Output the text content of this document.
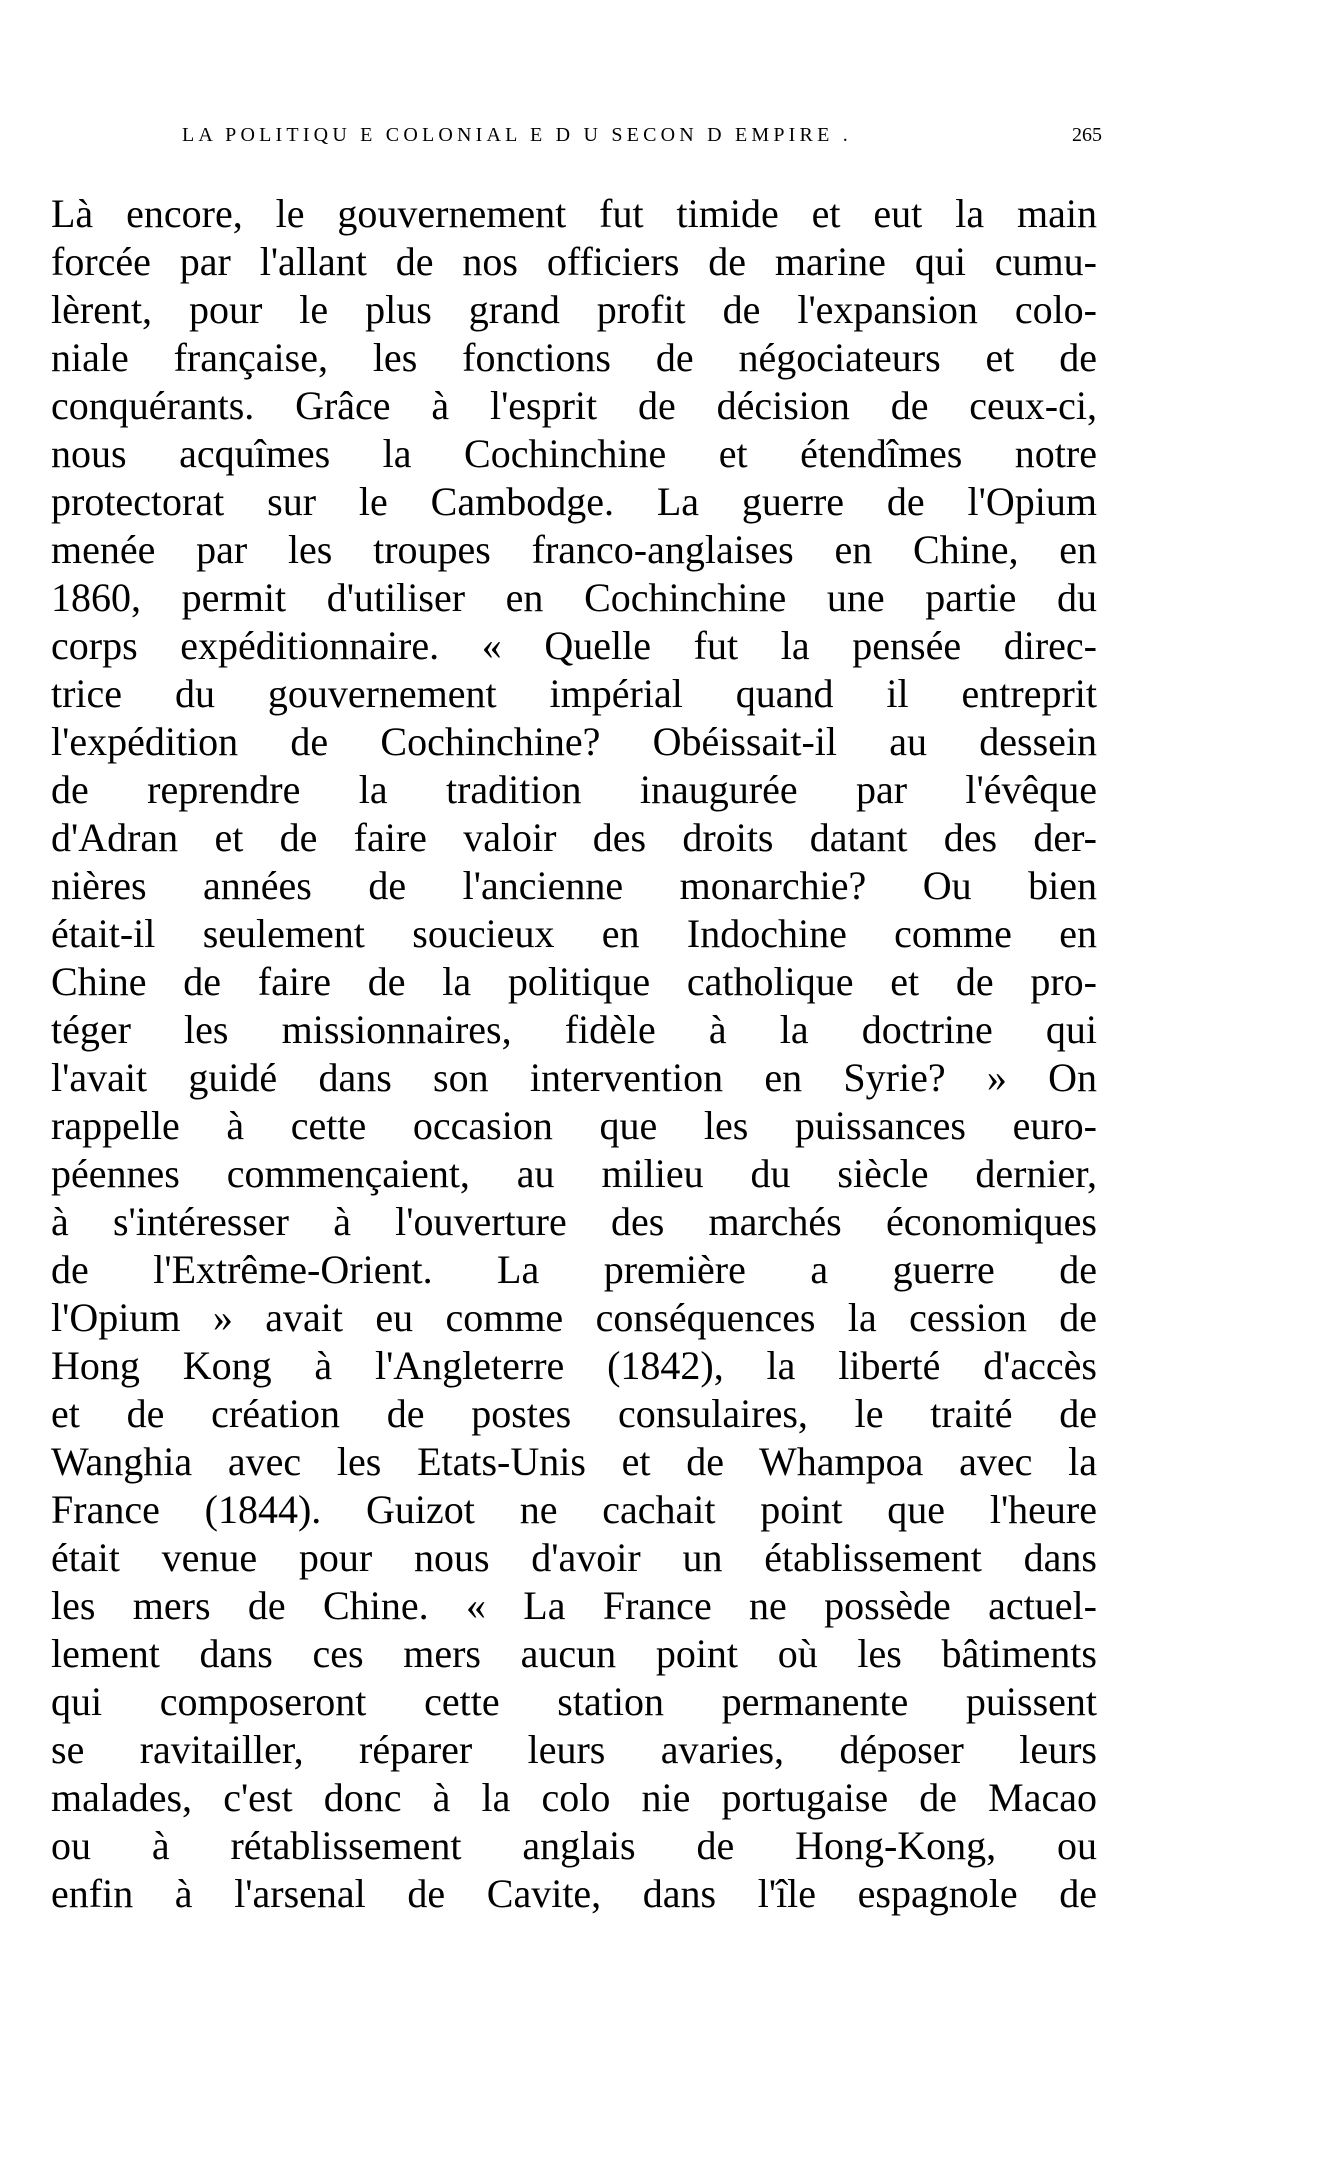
LA POLITIQU E COLONIAL E D U SECON D EMPIRE .	265
Là encore, le gouvernement fut timide et eut la main
forcée par l'allant de nos officiers de marine qui cumu-
lèrent, pour le plus grand profit de l'expansion colo-
niale française, les fonctions de négociateurs et de
conquérants. Grâce à l'esprit de décision de ceux-ci,
nous acquîmes la Cochinchine et étendîmes notre
protectorat sur le Cambodge. La guerre de l'Opium
menée par les troupes franco-anglaises en Chine, en
1860, permit d'utiliser en Cochinchine une partie du
corps expéditionnaire. « Quelle fut la pensée direc-
trice du gouvernement impérial quand il entreprit
l'expédition de Cochinchine? Obéissait-il au dessein
de reprendre la tradition inaugurée par l'évêque
d'Adran et de faire valoir des droits datant des der-
nières années de l'ancienne monarchie? Ou bien
était-il seulement soucieux en Indochine comme en
Chine de faire de la politique catholique et de pro-
téger les missionnaires, fidèle à la doctrine qui
l'avait guidé dans son intervention en Syrie? » On
rappelle à cette occasion que les puissances euro-
péennes commençaient, au milieu du siècle dernier,
à s'intéresser à l'ouverture des marchés économiques
de l'Extrême-Orient. La première a guerre de
l'Opium » avait eu comme conséquences la cession de
Hong Kong à l'Angleterre (1842), la liberté d'accès
et de création de postes consulaires, le traité de
Wanghia avec les Etats-Unis et de Whampoa avec la
France (1844). Guizot ne cachait point que l'heure
était venue pour nous d'avoir un établissement dans
les mers de Chine. « La France ne possède actuel-
lement dans ces mers aucun point où les bâtiments
qui composeront cette station permanente puissent
se ravitailler, réparer leurs avaries, déposer leurs
malades, c'est donc à la colo nie portugaise de Macao
ou à rétablissement anglais de Hong-Kong, ou
enfin à l'arsenal de Cavite, dans l'île espagnole de
